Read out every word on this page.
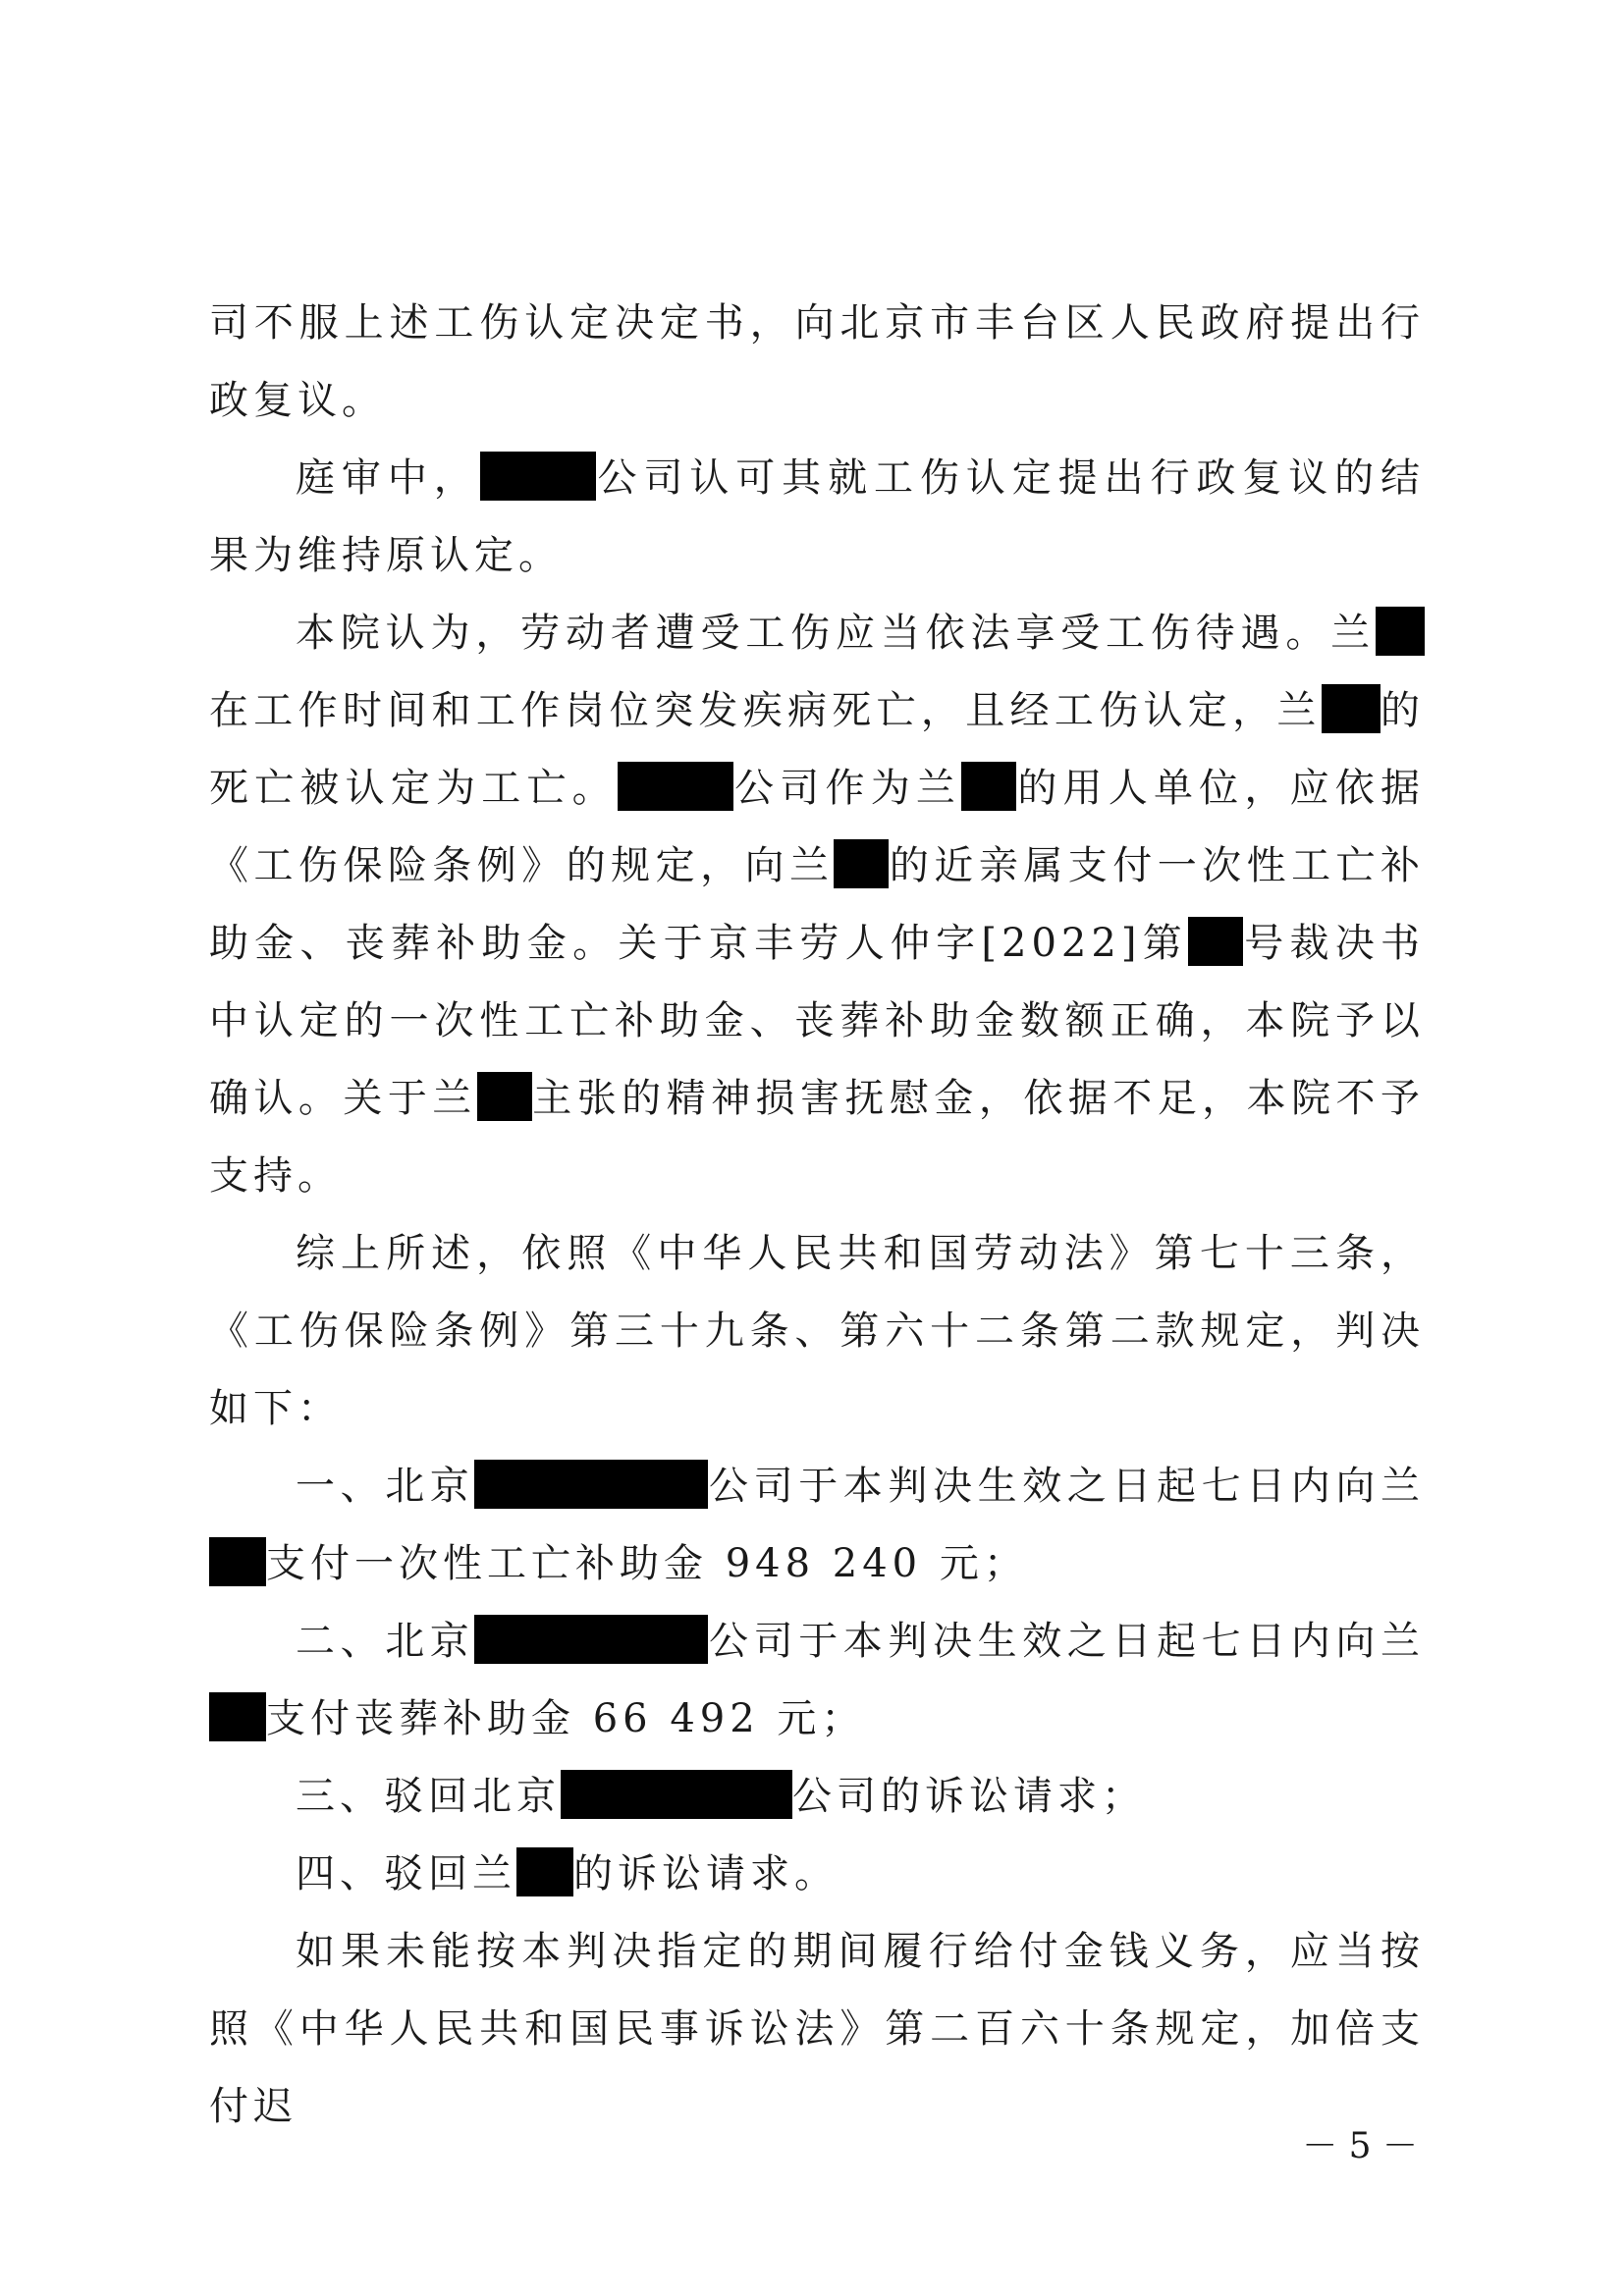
司不服上述工伤认定决定书，向北京市丰台区人民政府提出行政复议。

庭审中，	公司认可其就工伤认定提出行政复议的结果为维持原认定。

本院认为，劳动者遭受工伤应当依法享受工伤待遇。兰在工作时间和工作岗位突发疾病死亡，且经工伤认定，兰 的死亡被认定为工亡。	公司作为兰 的用人单位，应依据《工伤保险条例》的规定，向兰 的近亲属支付一次性工亡补助金、丧葬补助金。关于京丰劳人仲字[2022]第 号裁决书中认定的一次性工亡补助金、丧葬补助金数额正确，本院予以确认。关于兰 主张的精神损害抚慰金，依据不足，本院不予支持。

综上所述，依照《中华人民共和国劳动法》第七十三条，《工伤保险条例》第三十九条、第六十二条第二款规定，判决如下：

一、北京	公司于本判决生效之日起七日内向兰支付一次性工亡补助金 948 240 元；

二、北京	公司于本判决生效之日起七日内向兰支付丧葬补助金 66 492 元；

三、驳回北京	公司的诉讼请求；

四、驳回兰 的诉讼请求。

如果未能按本判决指定的期间履行给付金钱义务，应当按照《中华人民共和国民事诉讼法》第二百六十条规定，加倍支付迟

－ 5 －
